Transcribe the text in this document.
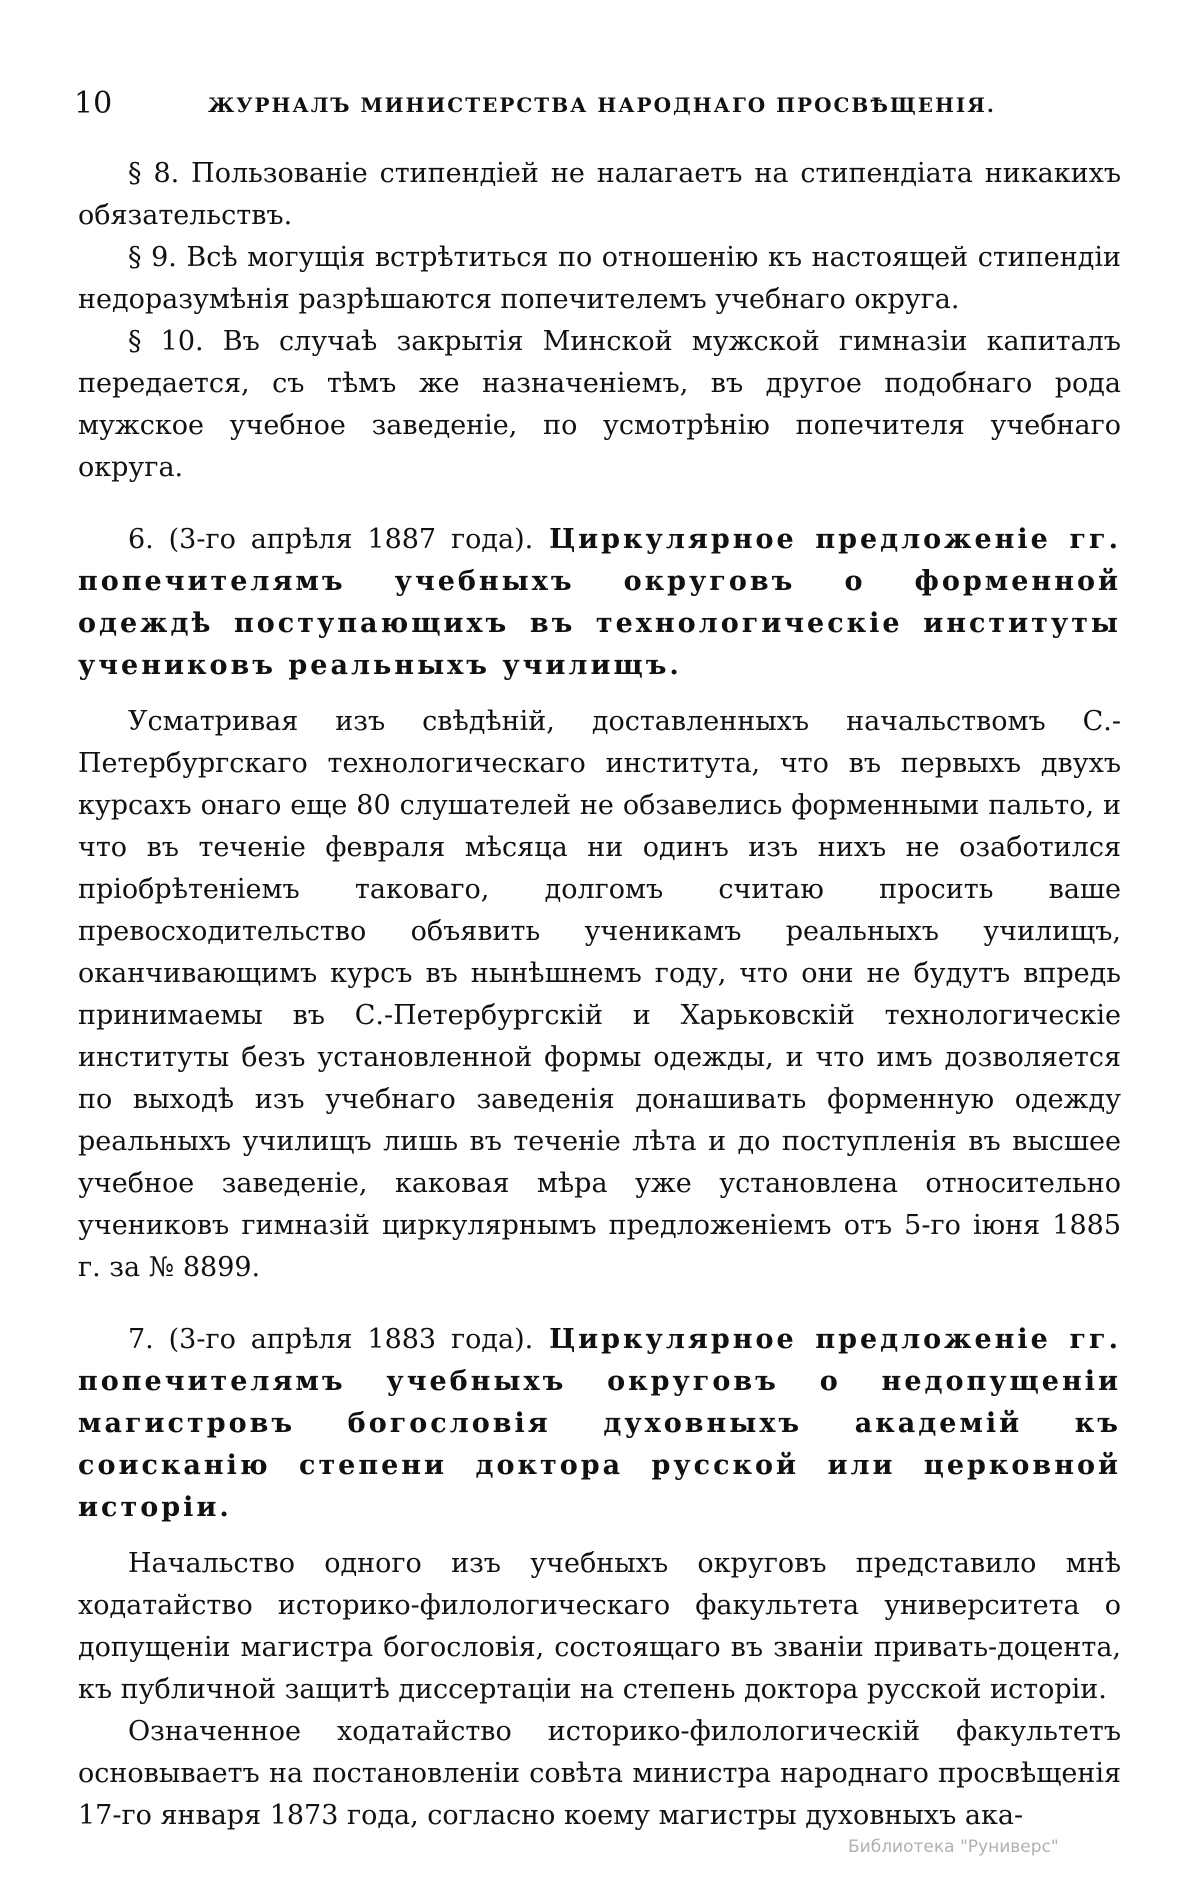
10	ЖУРНАЛЪ МИНИСТЕРСТВА НАРОДНАГО ПРОСВѢЩЕНІЯ.

§ 8. Пользованіе стипендіей не налагаетъ на стипендіата никакихъ обязательствъ.

§ 9. Всѣ могущія встрѣтиться по отношенію къ настоящей стипендіи недоразумѣнія разрѣшаются попечителемъ учебнаго округа.

§ 10. Въ случаѣ закрытія Минской мужской гимназіи капиталъ передается, съ тѣмъ же назначеніемъ, въ другое подобнаго рода мужское учебное заведеніе, по усмотрѣнію попечителя учебнаго округа.

6. (3-го апрѣля 1887 года). Циркулярное предложеніе гг. попечителямъ учебныхъ округовъ о форменной одеждѣ поступающихъ въ технологическіе институты учениковъ реальныхъ училищъ.

Усматривая изъ свѣдѣній, доставленныхъ начальствомъ С.-Петербургскаго технологическаго института, что въ первыхъ двухъ курсахъ онаго еще 80 слушателей не обзавелись форменными пальто, и что въ теченіе февраля мѣсяца ни одинъ изъ нихъ не озаботился пріобрѣтеніемъ таковаго, долгомъ считаю просить ваше превосходительство объявить ученикамъ реальныхъ училищъ, оканчивающимъ курсъ въ нынѣшнемъ году, что они не будутъ впредь принимаемы въ С.-Петербургскій и Харьковскій технологическіе институты безъ установленной формы одежды, и что имъ дозволяется по выходѣ изъ учебнаго заведенія донашивать форменную одежду реальныхъ училищъ лишь въ теченіе лѣта и до поступленія въ высшее учебное заведеніе, каковая мѣра уже установлена относительно учениковъ гимназій циркулярнымъ предложеніемъ отъ 5-го іюня 1885 г. за № 8899.

7. (3-го апрѣля 1883 года). Циркулярное предложеніе гг. попечителямъ учебныхъ округовъ о недопущеніи магистровъ богословія духовныхъ академій къ соисканію степени доктора русской или церковной исторіи.

Начальство одного изъ учебныхъ округовъ представило мнѣ ходатайство историко-филологическаго факультета университета о допущеніи магистра богословія, состоящаго въ званіи привать-доцента, къ публичной защитѣ диссертаціи на степень доктора русской исторіи.

Означенное ходатайство историко-филологическій факультетъ основываетъ на постановленіи совѣта министра народнаго просвѣщенія 17-го января 1873 года, согласно коему магистры духовныхъ ака-

Библиотека "Руниверс"
